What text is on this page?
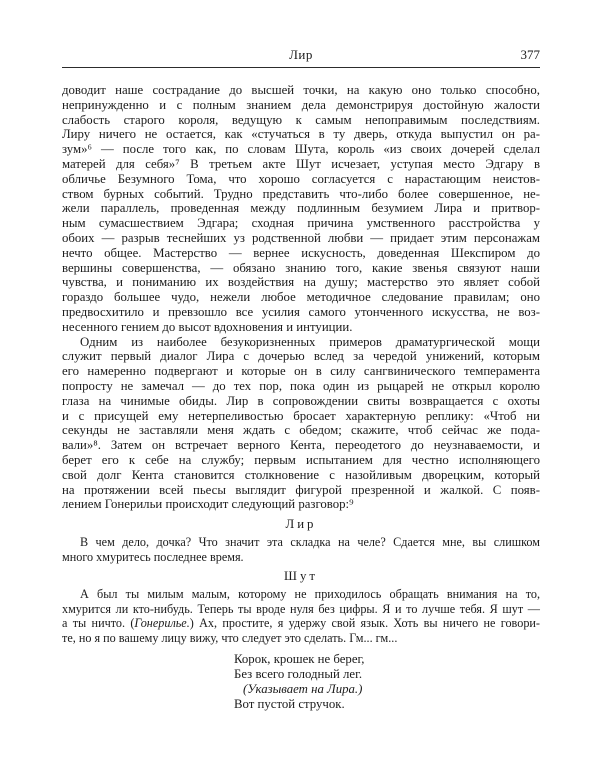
Лир	377
доводит наше сострадание до высшей точки, на какую оно только способно,
непринужденно и с полным знанием дела демонстрируя достойную жалости
слабость старого короля, ведущую к самым непоправимым последствиям.
Лиру ничего не остается, как «стучаться в ту дверь, откуда выпустил он ра-
зум»⁶ — после того как, по словам Шута, король «из своих дочерей сделал
матерей для себя»⁷ В третьем акте Шут исчезает, уступая место Эдгару в
обличье Безумного Тома, что хорошо согласуется с нарастающим неистов-
ством бурных событий. Трудно представить что-либо более совершенное, не-
жели параллель, проведенная между подлинным безумием Лира и притвор-
ным сумасшествием Эдгара; сходная причина умственного расстройства у
обоих — разрыв теснейших уз родственной любви — придает этим персонажам
нечто общее. Мастерство — вернее искусность, доведенная Шекспиром до
вершины совершенства, — обязано знанию того, какие звенья связуют наши
чувства, и пониманию их воздействия на душу; мастерство это являет собой
гораздо большее чудо, нежели любое методичное следование правилам; оно
предвосхитило и превзошло все усилия самого утонченного искусства, не воз-
несенного гением до высот вдохновения и интуиции.
Одним из наиболее безукоризненных примеров драматургической мощи
служит первый диалог Лира с дочерью вслед за чередой унижений, которым
его намеренно подвергают и которые он в силу сангвинического темперамента
попросту не замечал — до тех пор, пока один из рыцарей не открыл королю
глаза на чинимые обиды. Лир в сопровождении свиты возвращается с охоты
и с присущей ему нетерпеливостью бросает характерную реплику: «Чтоб ни
секунды не заставляли меня ждать с обедом; скажите, чтоб сейчас же пода-
вали»⁸. Затем он встречает верного Кента, переодетого до неузнаваемости, и
берет его к себе на службу; первым испытанием для честно исполняющего
свой долг Кента становится столкновение с назойливым дворецким, который
на протяжении всей пьесы выглядит фигурой презренной и жалкой. С появ-
лением Гонерильи происходит следующий разговор:⁹
Лир
В чем дело, дочка? Что значит эта складка на челе? Сдается мне, вы слишком
много хмуритесь последнее время.
Шут
А был ты милым малым, которому не приходилось обращать внимания на то,
хмурится ли кто-нибудь. Теперь ты вроде нуля без цифры. Я и то лучше тебя. Я шут —
а ты ничто. (Гонерилье.) Ах, простите, я удержу свой язык. Хоть вы ничего не говори-
те, но я по вашему лицу вижу, что следует это сделать. Гм... гм...
Корок, крошек не берег,
Без всего голодный лег.
(Указывает на Лира.)
Вот пустой стручок.
